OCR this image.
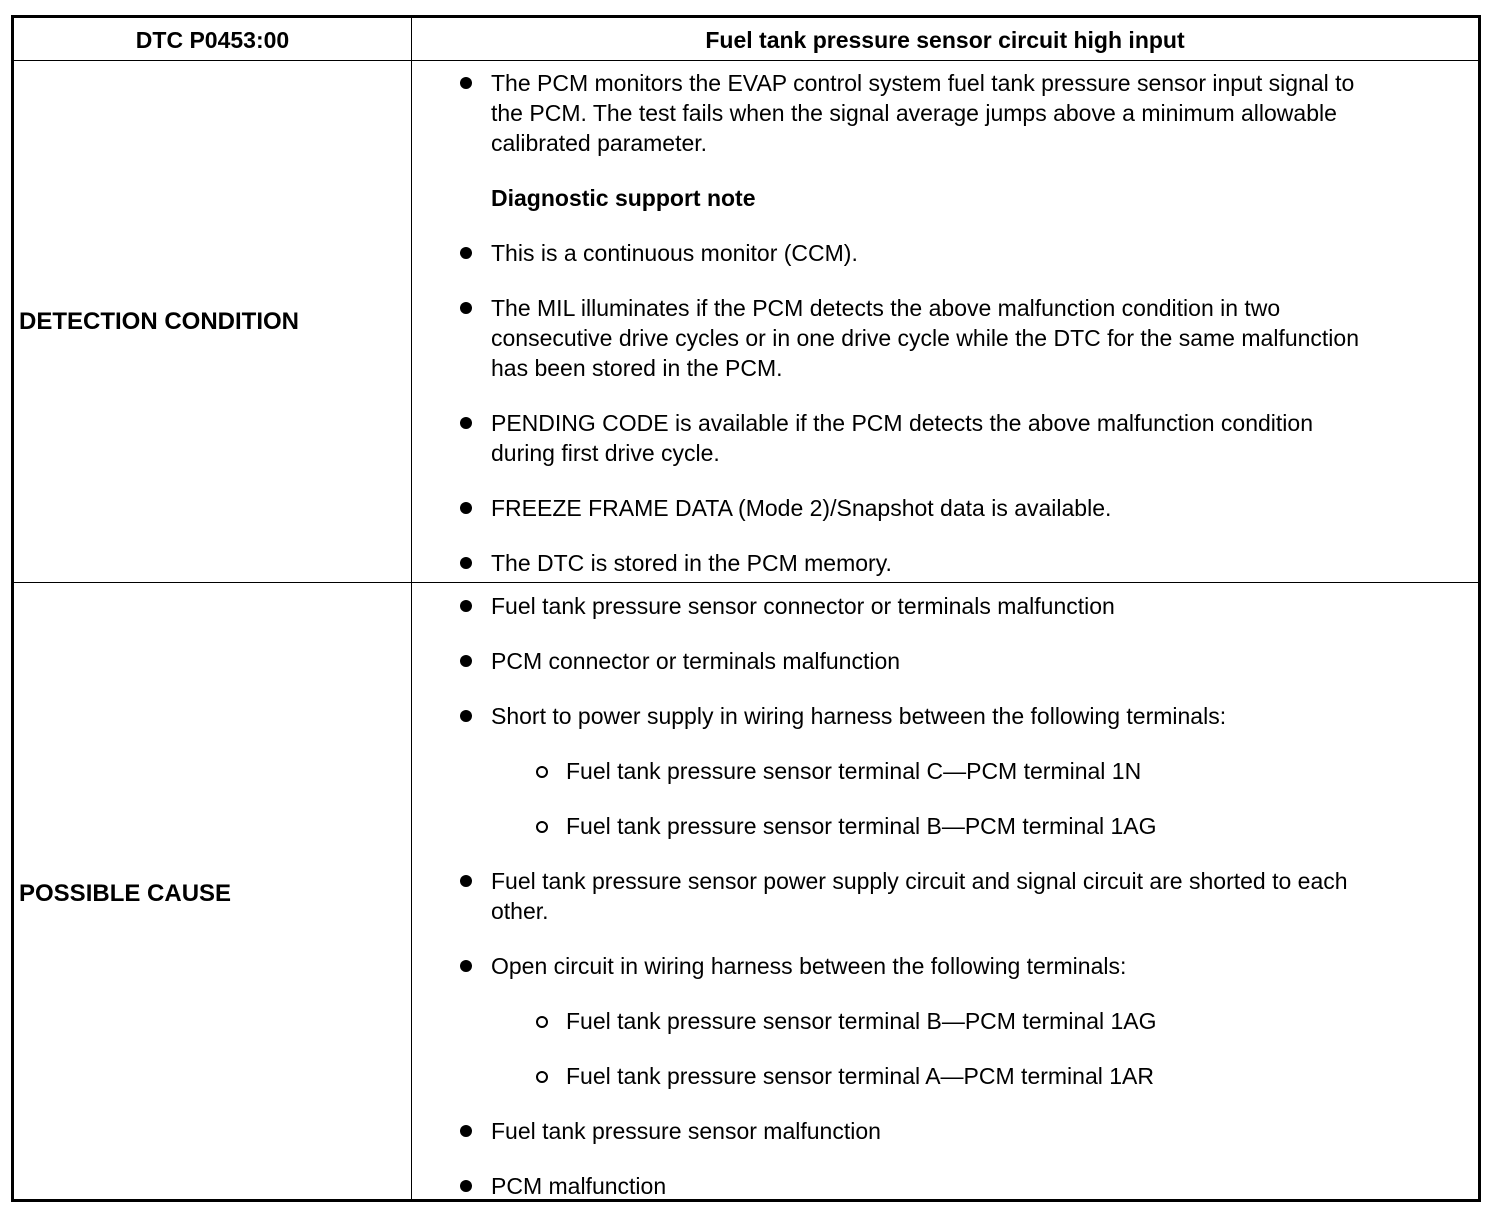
DTC P0453:00	Fuel tank pressure sensor circuit high input
DETECTION CONDITION
The PCM monitors the EVAP control system fuel tank pressure sensor input signal to
the PCM. The test fails when the signal average jumps above a minimum allowable
calibrated parameter.
Diagnostic support note
This is a continuous monitor (CCM).
The MIL illuminates if the PCM detects the above malfunction condition in two
consecutive drive cycles or in one drive cycle while the DTC for the same malfunction
has been stored in the PCM.
PENDING CODE is available if the PCM detects the above malfunction condition
during first drive cycle.
FREEZE FRAME DATA (Mode 2)/Snapshot data is available.
The DTC is stored in the PCM memory.
POSSIBLE CAUSE
Fuel tank pressure sensor connector or terminals malfunction
PCM connector or terminals malfunction
Short to power supply in wiring harness between the following terminals:
Fuel tank pressure sensor terminal C—PCM terminal 1N
Fuel tank pressure sensor terminal B—PCM terminal 1AG
Fuel tank pressure sensor power supply circuit and signal circuit are shorted to each
other.
Open circuit in wiring harness between the following terminals:
Fuel tank pressure sensor terminal B—PCM terminal 1AG
Fuel tank pressure sensor terminal A—PCM terminal 1AR
Fuel tank pressure sensor malfunction
PCM malfunction
